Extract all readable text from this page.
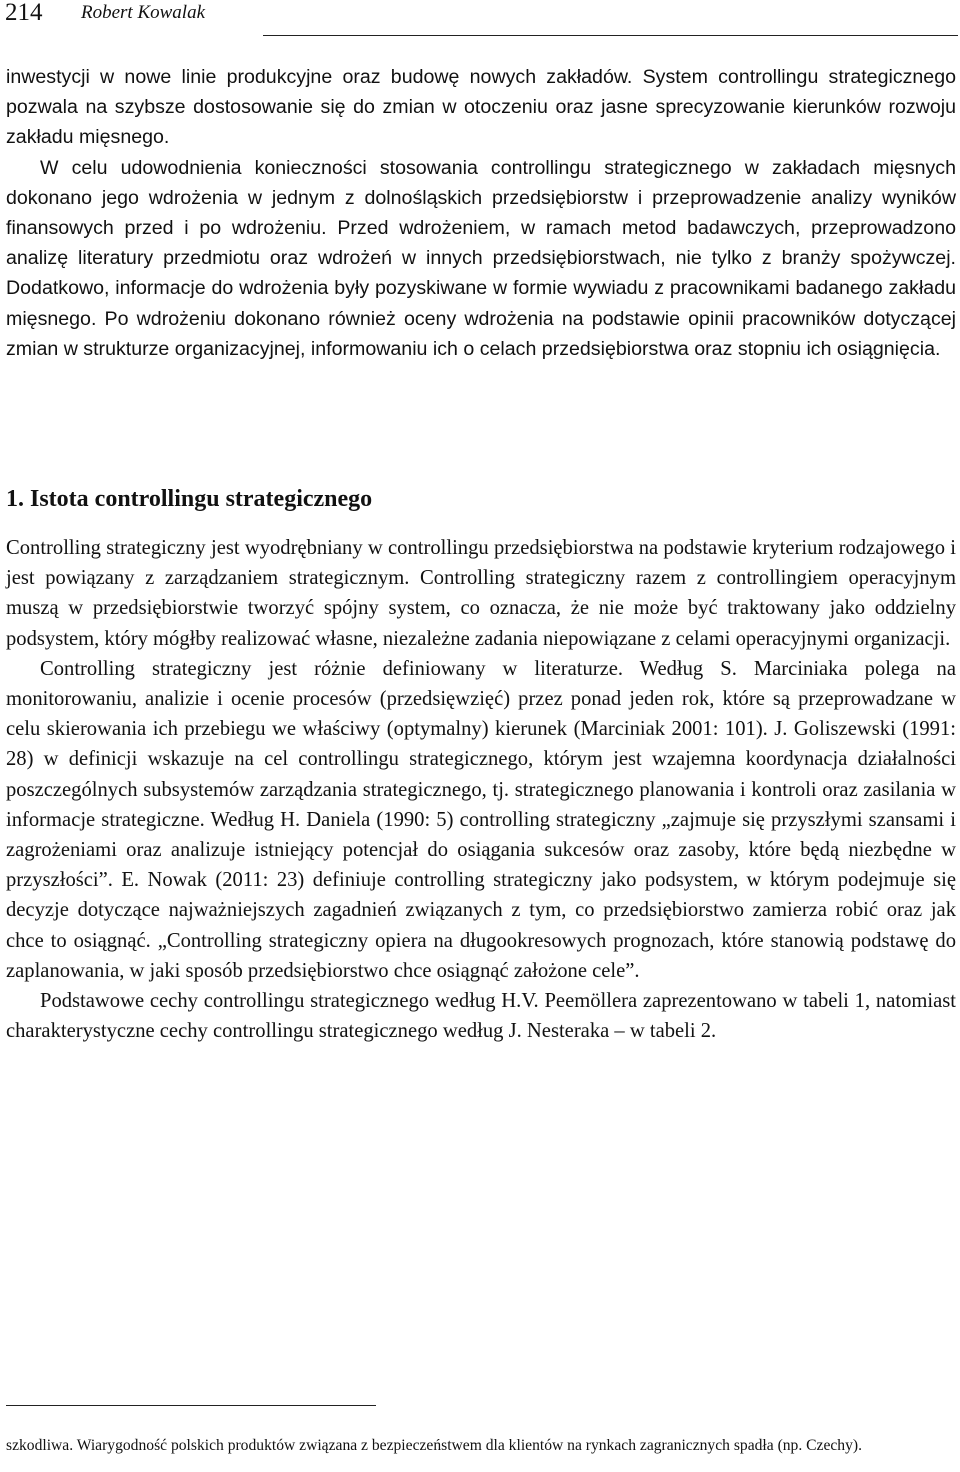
214 Robert Kowalak

inwestycji w nowe linie produkcyjne oraz budowę nowych zakładów. System controllingu strategicznego pozwala na szybsze dostosowanie się do zmian w otoczeniu oraz jasne sprecyzowanie kierunków rozwoju zakładu mięsnego.

W celu udowodnienia konieczności stosowania controllingu strategicznego w zakładach mięsnych dokonano jego wdrożenia w jednym z dolnośląskich przedsiębiorstw i przeprowadzenie analizy wyników finansowych przed i po wdrożeniu. Przed wdrożeniem, w ramach metod badawczych, przeprowadzono analizę literatury przedmiotu oraz wdrożeń w innych przedsiębiorstwach, nie tylko z branży spożywczej. Dodatkowo, informacje do wdrożenia były pozyskiwane w formie wywiadu z pracownikami badanego zakładu mięsnego. Po wdrożeniu dokonano również oceny wdrożenia na podstawie opinii pracowników dotyczącej zmian w strukturze organizacyjnej, informowaniu ich o celach przedsiębiorstwa oraz stopniu ich osiągnięcia.

1. Istota controllingu strategicznego

Controlling strategiczny jest wyodrębniany w controllingu przedsiębiorstwa na podstawie kryterium rodzajowego i jest powiązany z zarządzaniem strategicznym. Controlling strategiczny razem z controllingiem operacyjnym muszą w przedsiębiorstwie tworzyć spójny system, co oznacza, że nie może być traktowany jako oddzielny podsystem, który mógłby realizować własne, niezależne zadania niepowiązane z celami operacyjnymi organizacji.

Controlling strategiczny jest różnie definiowany w literaturze. Według S. Marciniaka polega na monitorowaniu, analizie i ocenie procesów (przedsięwzięć) przez ponad jeden rok, które są przeprowadzane w celu skierowania ich przebiegu we właściwy (optymalny) kierunek (Marciniak 2001: 101). J. Goliszewski (1991: 28) w definicji wskazuje na cel controllingu strategicznego, którym jest wzajemna koordynacja działalności poszczególnych subsystemów zarządzania strategicznego, tj. strategicznego planowania i kontroli oraz zasilania w informacje strategiczne. Według H. Daniela (1990: 5) controlling strategiczny „zajmuje się przyszłymi szansami i zagrożeniami oraz analizuje istniejący potencjał do osiągania sukcesów oraz zasoby, które będą niezbędne w przyszłości”. E. Nowak (2011: 23) definiuje controlling strategiczny jako podsystem, w którym podejmuje się decyzje dotyczące najważniejszych zagadnień związanych z tym, co przedsiębiorstwo zamierza robić oraz jak chce to osiągnąć. „Controlling strategiczny opiera na długookresowych prognozach, które stanowią podstawę do zaplanowania, w jaki sposób przedsiębiorstwo chce osiągnąć założone cele”.

Podstawowe cechy controllingu strategicznego według H.V. Peemöllera zaprezentowano w tabeli 1, natomiast charakterystyczne cechy controllingu strategicznego według J. Nesteraka – w tabeli 2.

szkodliwa. Wiarygodność polskich produktów związana z bezpieczeństwem dla klientów na rynkach zagranicznych spadła (np. Czechy).
